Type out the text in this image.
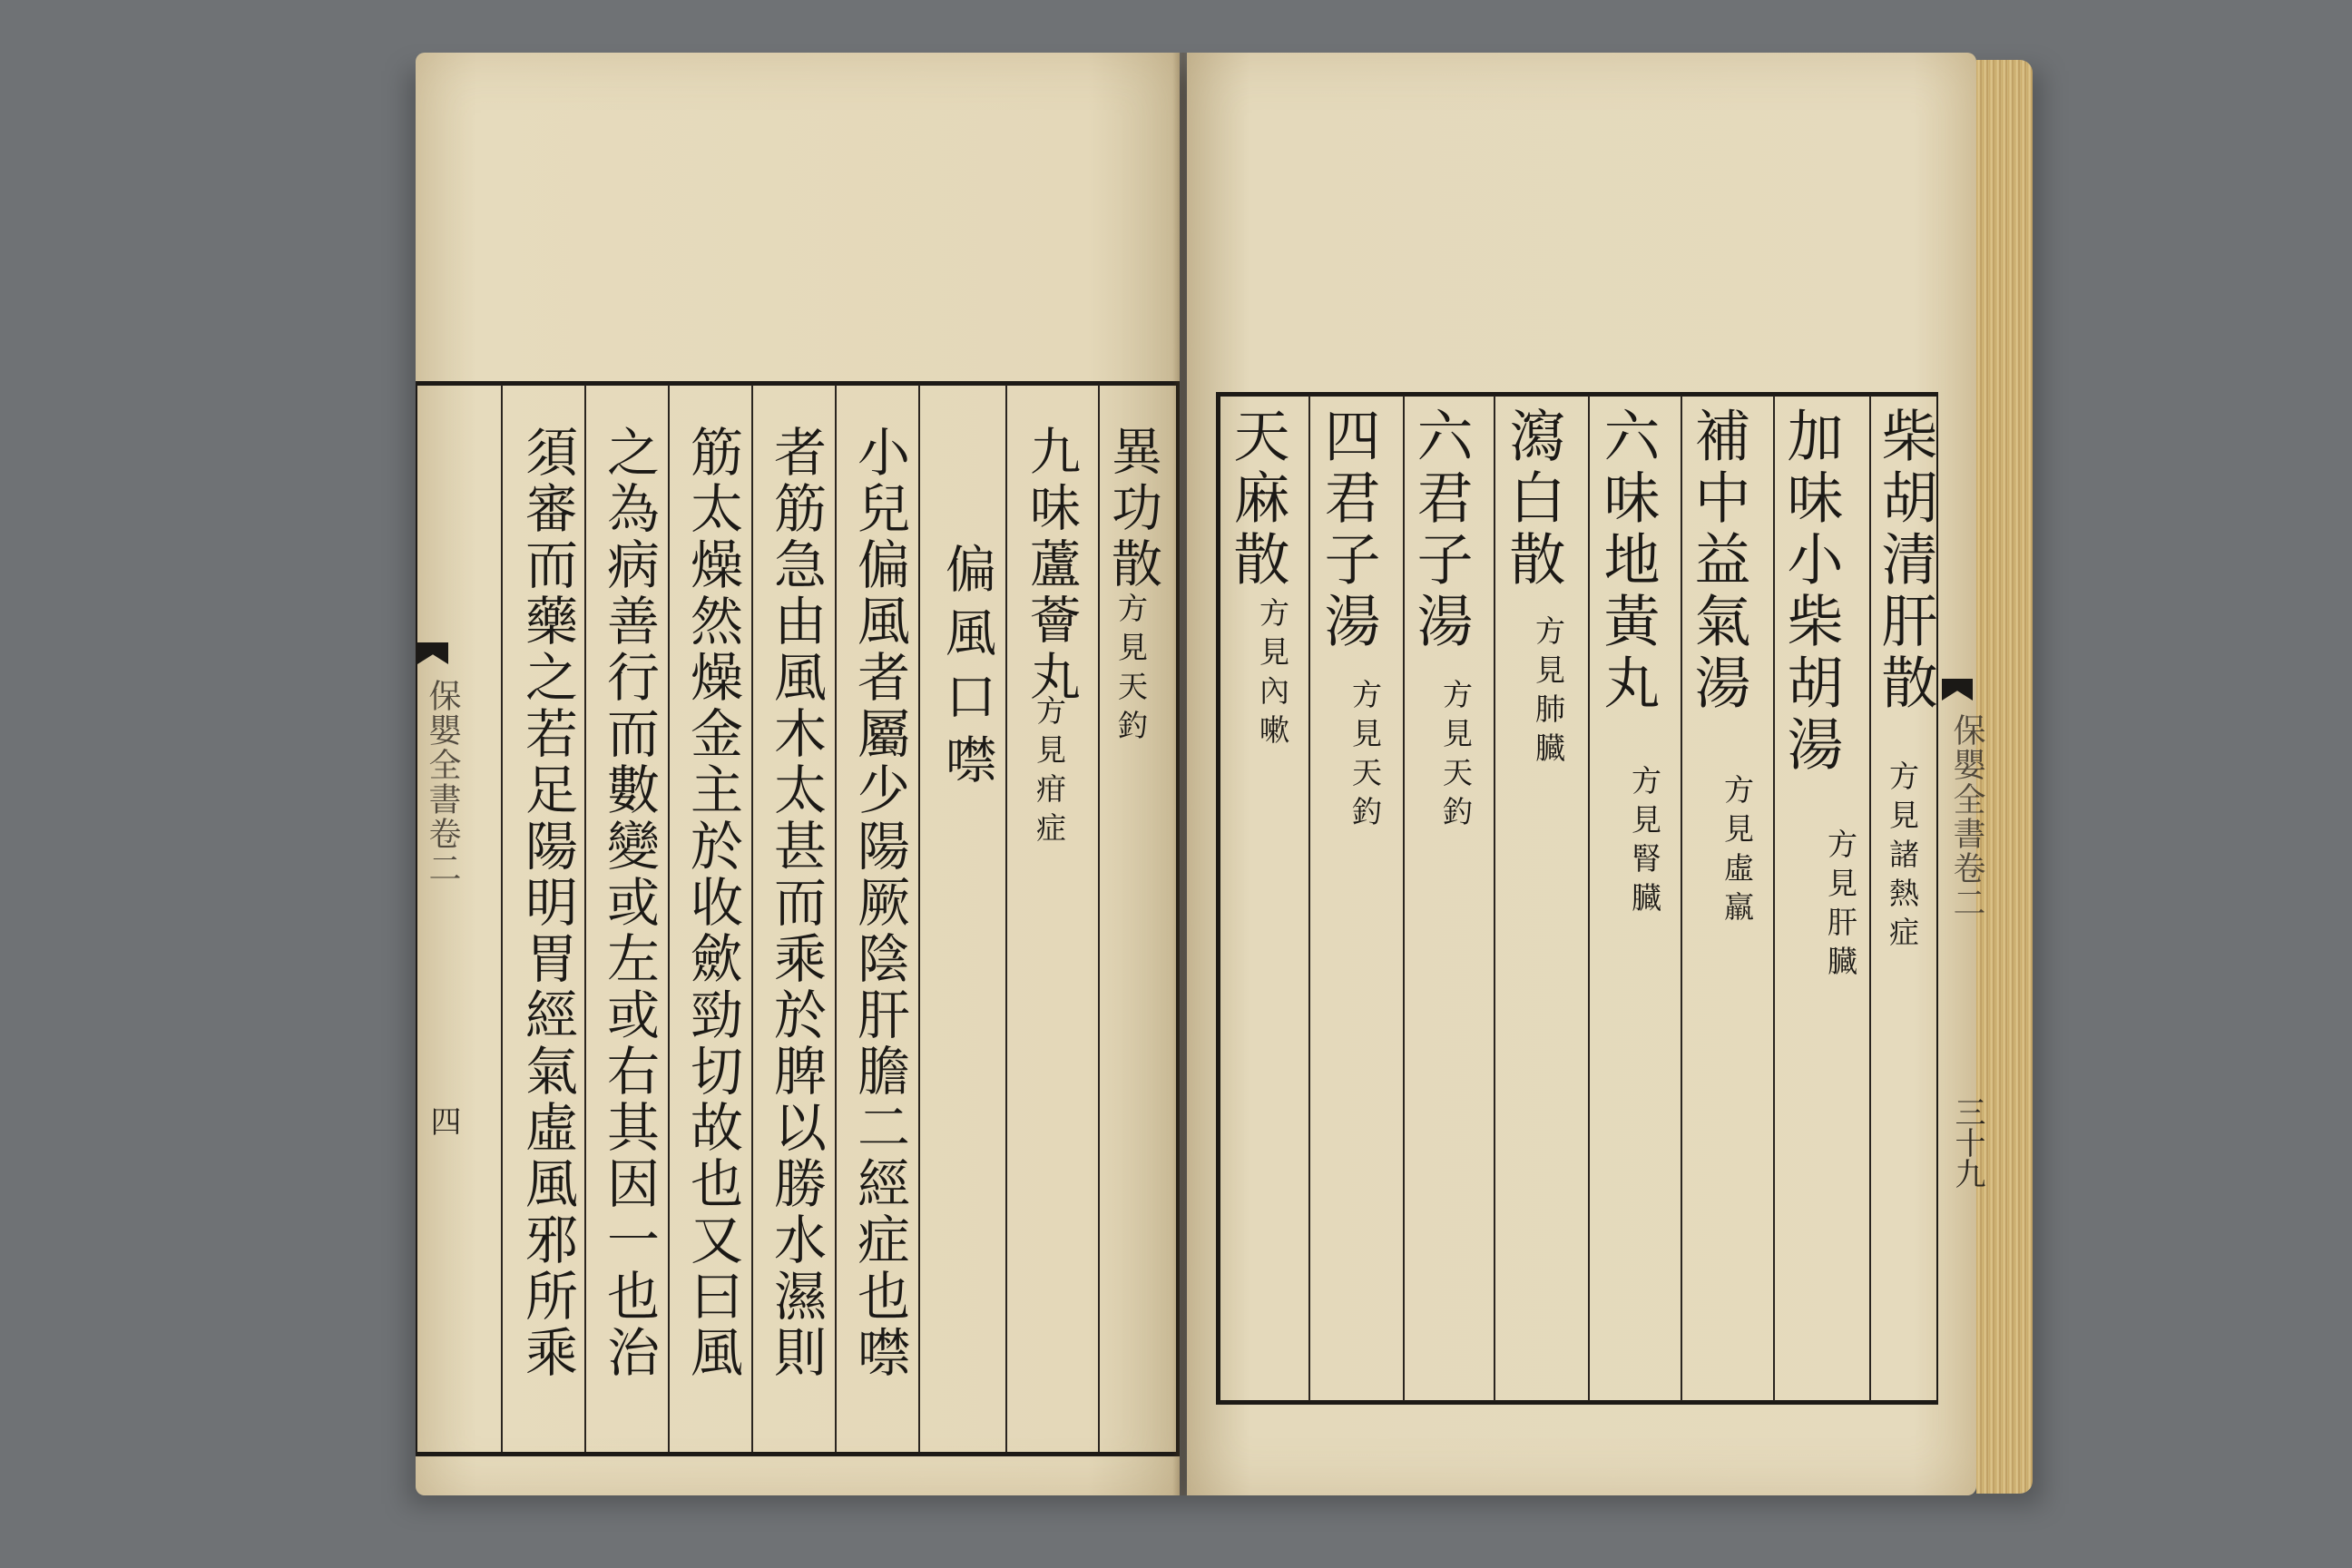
保嬰全書卷二
四
異功散
方見天釣
九味蘆薈丸
方見疳症
偏風口噤
小兒偏風者屬少陽厥陰肝膽二經症也噤
者筋急由風木太甚而乘於脾以勝水濕則
筋太燥然燥金主於收歛勁切故也又曰風
之為病善行而數變或左或右其因一也治
須審而藥之若足陽明胃經氣虛風邪所乘	保嬰全書卷二
三十九
柴胡清肝散
方見諸熱症
加味小柴胡湯
方見肝臓
補中益氣湯
方見虛羸
六味地黃丸
方見腎臓
瀉白散
方見肺臓
六君子湯
方見天釣
四君子湯
方見天釣
天麻散
方見內嗽
